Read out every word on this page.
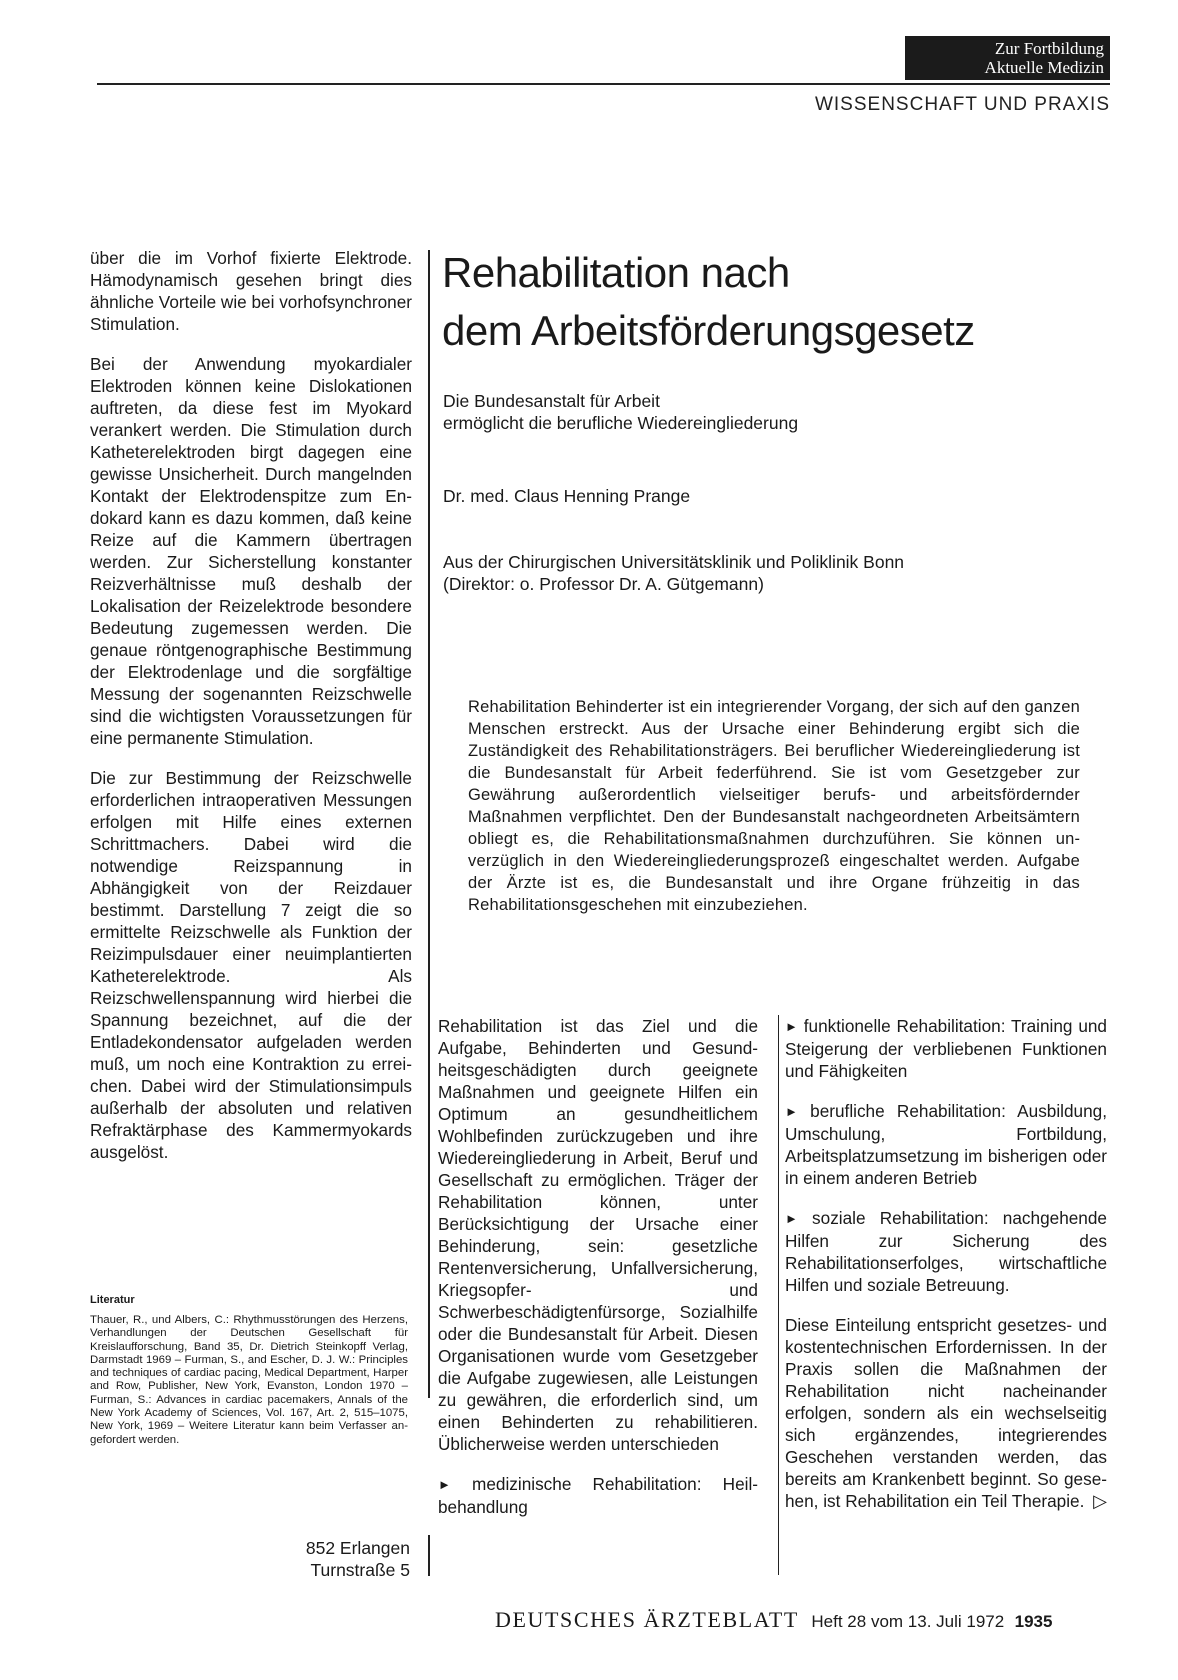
Zur Fortbildung
Aktuelle Medizin
WISSENSCHAFT UND PRAXIS

über die im Vorhof fixierte Elektrode. Hämodynamisch gesehen bringt dies ähnliche Vorteile wie bei vorhofsynchroner Stimulation.

Bei der Anwendung myokardialer Elektroden können keine Dislokationen auftreten, da diese fest im Myokard verankert werden. Die Stimulation durch Katheterelektroden birgt dagegen eine gewisse Unsicherheit. Durch mangelnden Kontakt der Elektrodenspitze zum Endokard kann es dazu kommen, daß keine Reize auf die Kammern übertragen werden. Zur Sicherstellung konstanter Reizverhältnisse muß deshalb der Lokalisation der Reizelektrode besondere Bedeutung zugemessen werden. Die genaue röntgenographische Bestimmung der Elektrodenlage und die sorgfältige Messung der sogenannten Reizschwelle sind die wichtigsten Voraussetzungen für eine permanente Stimulation.

Die zur Bestimmung der Reizschwelle erforderlichen intraoperativen Messungen erfolgen mit Hilfe eines externen Schrittmachers. Dabei wird die notwendige Reizspannung in Abhängigkeit von der Reizdauer bestimmt. Darstellung 7 zeigt die so ermittelte Reizschwelle als Funktion der Reizimpulsdauer einer neuimplantierten Katheterelektrode. Als Reizschwellenspannung wird hierbei die Spannung bezeichnet, auf die der Entladekondensator aufgeladen werden muß, um noch eine Kontraktion zu erreichen. Dabei wird der Stimulationsimpuls außerhalb der absoluten und relativen Refraktärphase des Kammermyokards ausgelöst.

Literatur
Thauer, R., und Albers, C.: Rhythmusstörungen des Herzens, Verhandlungen der Deutschen Gesellschaft für Kreislaufforschung, Band 35, Dr. Dietrich Steinkopff Verlag, Darmstadt 1969 – Furman, S., and Escher, D. J. W.: Principles and techniques of cardiac pacing, Medical Department, Harper and Row, Publisher, New York, Evanston, London 1970 – Furman, S.: Advances in cardiac pacemakers, Annals of the New York Academy of Sciences, Vol. 167, Art. 2, 515–1075, New York, 1969 – Weitere Literatur kann beim Verfasser angefordert werden.
852 Erlangen
Turnstraße 5
Rehabilitation nach
dem Arbeitsförderungsgesetz
Die Bundesanstalt für Arbeit
ermöglicht die berufliche Wiedereingliederung
Dr. med. Claus Henning Prange
Aus der Chirurgischen Universitätsklinik und Poliklinik Bonn
(Direktor: o. Professor Dr. A. Gütgemann)
Rehabilitation Behinderter ist ein integrierender Vorgang, der sich auf den ganzen Menschen erstreckt. Aus der Ursache einer Behinderung ergibt sich die Zuständigkeit des Rehabilitationsträgers. Bei beruflicher Wiedereingliederung ist die Bundesanstalt für Arbeit federführend. Sie ist vom Gesetzgeber zur Gewährung außerordentlich vielseitiger berufs- und arbeitsfördernder Maßnahmen verpflichtet. Den der Bundesanstalt nachgeordneten Arbeitsämtern obliegt es, die Rehabilitationsmaßnahmen durchzuführen. Sie können unverzüglich in den Wiedereingliederungsprozeß eingeschaltet werden. Aufgabe der Ärzte ist es, die Bundesanstalt und ihre Organe frühzeitig in das Rehabilitationsgeschehen mit einzubeziehen.

Rehabilitation ist das Ziel und die Aufgabe, Behinderten und Gesundheitsgeschädigten durch geeignete Maßnahmen und geeignete Hilfen ein Optimum an gesundheitlichem Wohlbefinden zurückzugeben und ihre Wiedereingliederung in Arbeit, Beruf und Gesellschaft zu ermöglichen. Träger der Rehabilitation können, unter Berücksichtigung der Ursache einer Behinderung, sein: gesetzliche Rentenversicherung, Unfallversicherung, Kriegsopfer- und Schwerbeschädigtenfürsorge, Sozialhilfe oder die Bundesanstalt für Arbeit. Diesen Organisationen wurde vom Gesetzgeber die Aufgabe zugewiesen, alle Leistungen zu gewähren, die erforderlich sind, um einen Behinderten zu rehabilitieren. Üblicherweise werden unterschieden

► medizinische Rehabilitation: Heilbehandlung

► funktionelle Rehabilitation: Training und Steigerung der verbliebenen Funktionen und Fähigkeiten

► berufliche Rehabilitation: Ausbildung, Umschulung, Fortbildung, Arbeitsplatzumsetzung im bisherigen oder in einem anderen Betrieb

► soziale Rehabilitation: nachgehende Hilfen zur Sicherung des Rehabilitationserfolges, wirtschaftliche Hilfen und soziale Betreuung.

Diese Einteilung entspricht gesetzes- und kostentechnischen Erfordernissen. In der Praxis sollen die Maßnahmen der Rehabilitation nicht nacheinander erfolgen, sondern als ein wechselseitig sich ergänzendes, integrierendes Geschehen verstanden werden, das bereits am Krankenbett beginnt. So gesehen, ist Rehabilitation ein Teil Therapie. ▷

DEUTSCHES ÄRZTEBLATT Heft 28 vom 13. Juli 1972 1935
